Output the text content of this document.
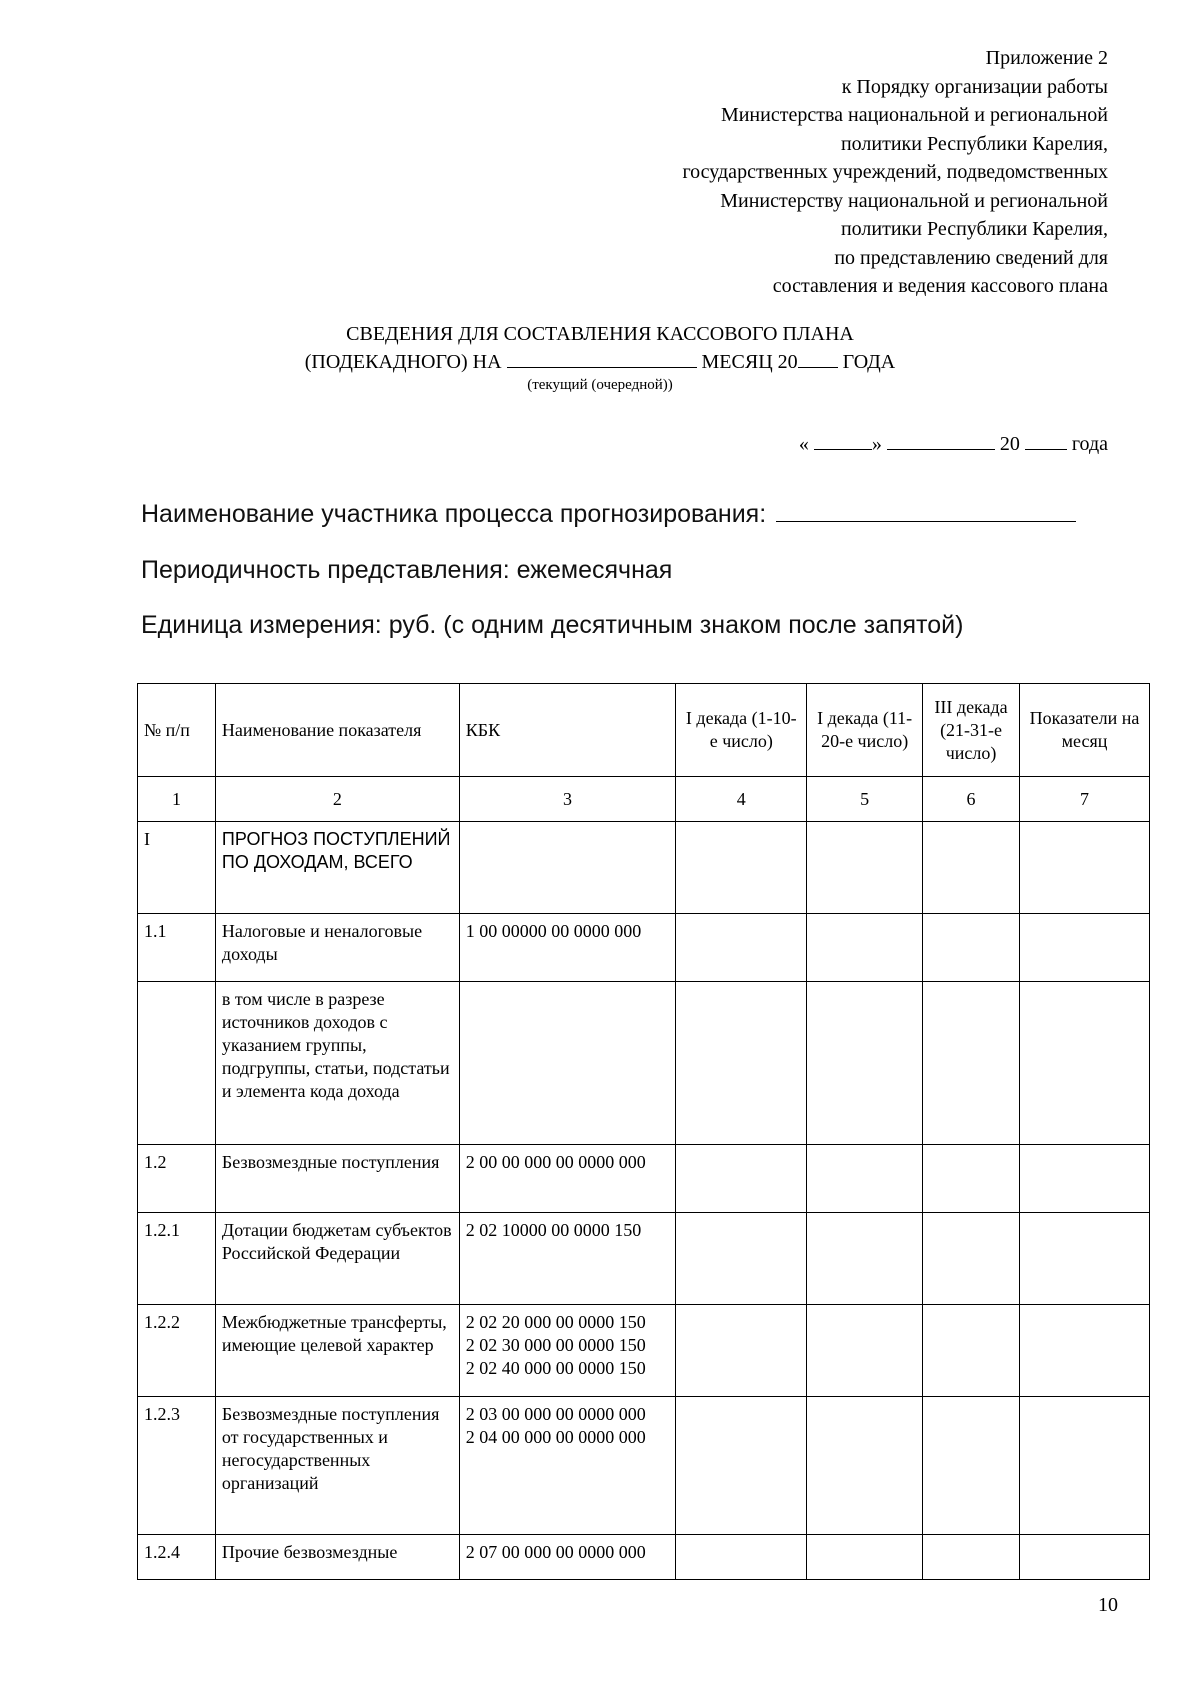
Приложение 2
к Порядку организации работы
Министерства национальной и региональной
политики Республики Карелия,
государственных учреждений, подведомственных
Министерству национальной и региональной
политики Республики Карелия,
по представлению сведений для
составления и ведения кассового плана
СВЕДЕНИЯ ДЛЯ СОСТАВЛЕНИЯ КАССОВОГО ПЛАНА
(ПОДЕКАДНОГО) НА	МЕСЯЦ 20 ГОДА
(текущий (очередной))
«	»	20	года
Наименование участника процесса прогнозирования:
Периодичность представления: ежемесячная
Единица измерения: руб. (с одним десятичным знаком после запятой)
№ п/п	Наименование показателя	КБК	I декада (1-10-е число)	I декада (11-20-е число)	III декада (21-31-е число)	Показатели на месяц
1	2	3	4	5	6	7
I	ПРОГНОЗ ПОСТУПЛЕНИЙ ПО ДОХОДАМ, ВСЕГО					
1.1	Налоговые и неналоговые доходы	1 00 00000 00 0000 000				
	в том числе в разрезе источников доходов с указанием группы, подгруппы, статьи, подстатьи и элемента кода дохода					
1.2	Безвозмездные поступления	2 00 00 000 00 0000 000				
1.2.1	Дотации бюджетам субъектов Российской Федерации	2 02 10000 00 0000 150				
1.2.2	Межбюджетные трансферты, имеющие целевой характер	2 02 20 000 00 0000 150
2 02 30 000 00 0000 150
2 02 40 000 00 0000 150				
1.2.3	Безвозмездные поступления от государственных и негосударственных организаций	2 03 00 000 00 0000 000
2 04 00 000 00 0000 000				
1.2.4	Прочие безвозмездные	2 07 00 000 00 0000 000				
10
